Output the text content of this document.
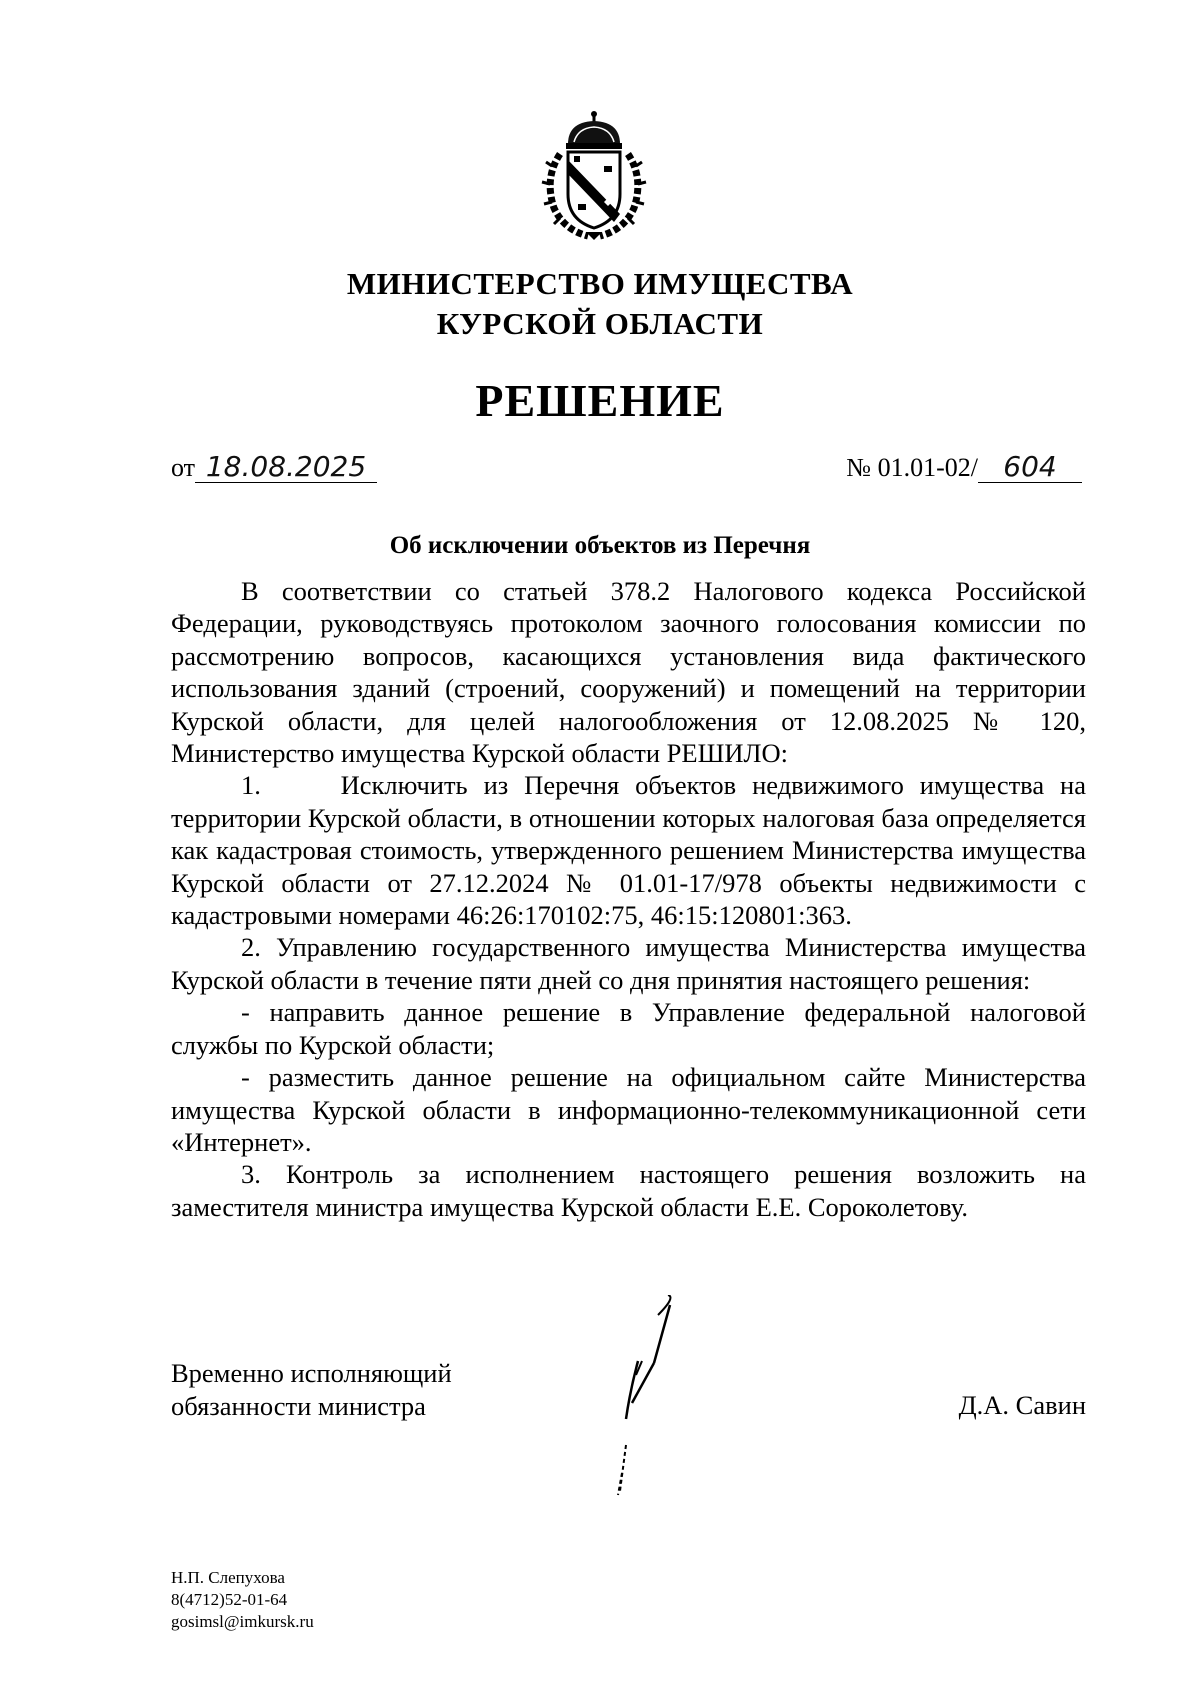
МИНИСТЕРСТВО ИМУЩЕСТВА
КУРСКОЙ ОБЛАСТИ
РЕШЕНИЕ
от 18.08.2025	№ 01.01-02/ 604
Об исключении объектов из Перечня

В соответствии со статьей 378.2 Налогового кодекса Российской Федерации, руководствуясь протоколом заочного голосования комиссии по рассмотрению вопросов, касающихся установления вида фактического использования зданий (строений, сооружений) и помещений на территории Курской области, для целей налогообложения от 12.08.2025 № 120, Министерство имущества Курской области РЕШИЛО:

1.     Исключить из Перечня объектов недвижимого имущества на территории Курской области, в отношении которых налоговая база определяется как кадастровая стоимость, утвержденного решением Министерства имущества Курской области от 27.12.2024 № 01.01-17/978 объекты недвижимости с кадастровыми номерами 46:26:170102:75, 46:15:120801:363.

2. Управлению государственного имущества Министерства имущества Курской области в течение пяти дней со дня принятия настоящего решения:

- направить данное решение в Управление федеральной налоговой службы по Курской области;

- разместить данное решение на официальном сайте Министерства имущества Курской области в информационно-телекоммуникационной сети «Интернет».

3. Контроль за исполнением настоящего решения возложить на заместителя министра имущества Курской области Е.Е. Сороколетову.

Временно исполняющий
обязанности министра	Д.А. Савин
Н.П. Слепухова
8(4712)52-01-64
gosimsl@imkursk.ru
